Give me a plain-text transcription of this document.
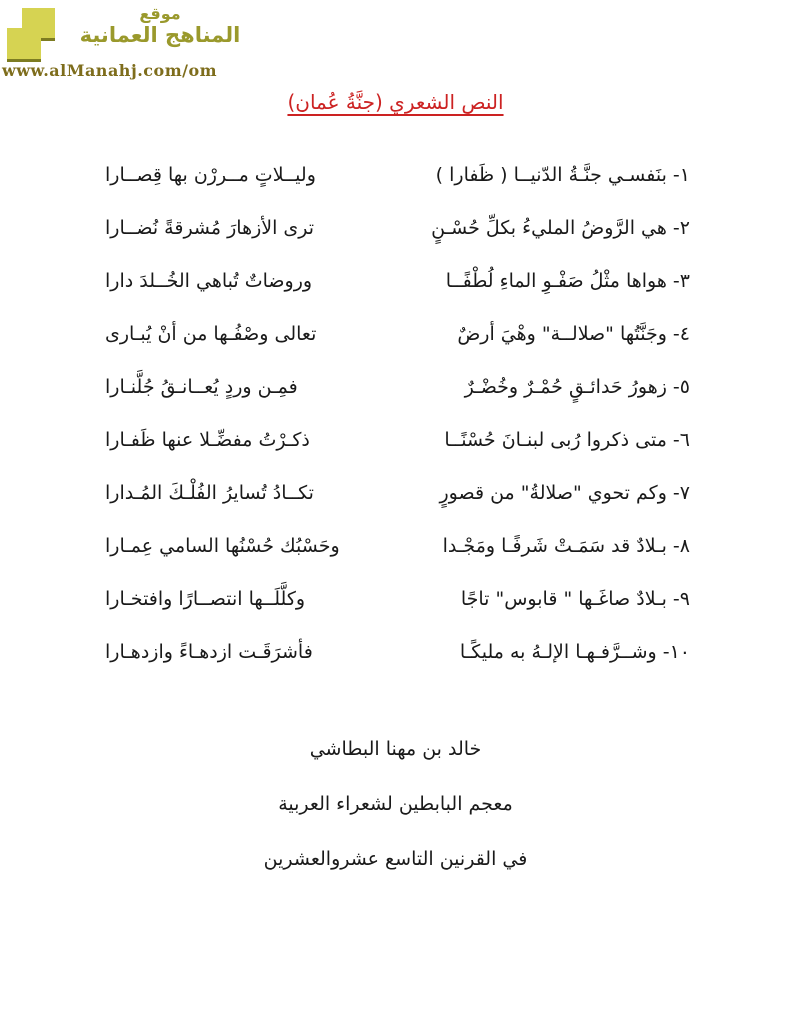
موقع
المناهج العمانية
www.alManahj.com/om
النص الشعري (جنَّةُ عُمان)
١- بنَفسـي جنَّـةُ الدّنيــا ( ظَفارا )
وليــلاتٍ مــررْن بها قِصــارا
٢- هي الرَّوضُ المليءُ بكلِّ حُسْـنٍ
ترى الأزهارَ مُشرقةً نُضــارا
٣- هواها مثْلُ صَفْـوِ الماءِ لُطْفًــا
وروضاتٌ تُباهي الخُــلدَ دارا
٤- وجَنَّتُها "صلالــة" وهْيَ أرضٌ
تعالى وصْفُـها من أنْ يُبـارى
٥- زهورُ حَدائـقٍ حُمْـرٌ وخُضْـرٌ
فمِـن وردٍ يُعــانـقُ جُلَّنـارا
٦- متى ذكروا رُبى لبنـانَ حُسْنًــا
ذكـرْتُ مفضِّـلا عنها ظَفـارا
٧- وكم تحوي "صلالةُ" من قصورٍ
تكــادُ تُسايرُ الفُلْـكَ المُـدارا
٨- بـلادٌ قد سَمَـتْ شَرفًـا ومَجْـدا
وحَسْبُك حُسْنُها السامي عِمـارا
٩- بـلادٌ صاغَـها " قابوس" تاجًا
وكلَّلَــها انتصــارًا وافتخـارا
١٠- وشــرَّفـهـا الإلـهُ به مليكًـا
فأشرَقَـت ازدهـاءً وازدهـارا
خالد بن مهنا البطاشي
معجم البابطين لشعراء العربية
في القرنين التاسع عشروالعشرين
